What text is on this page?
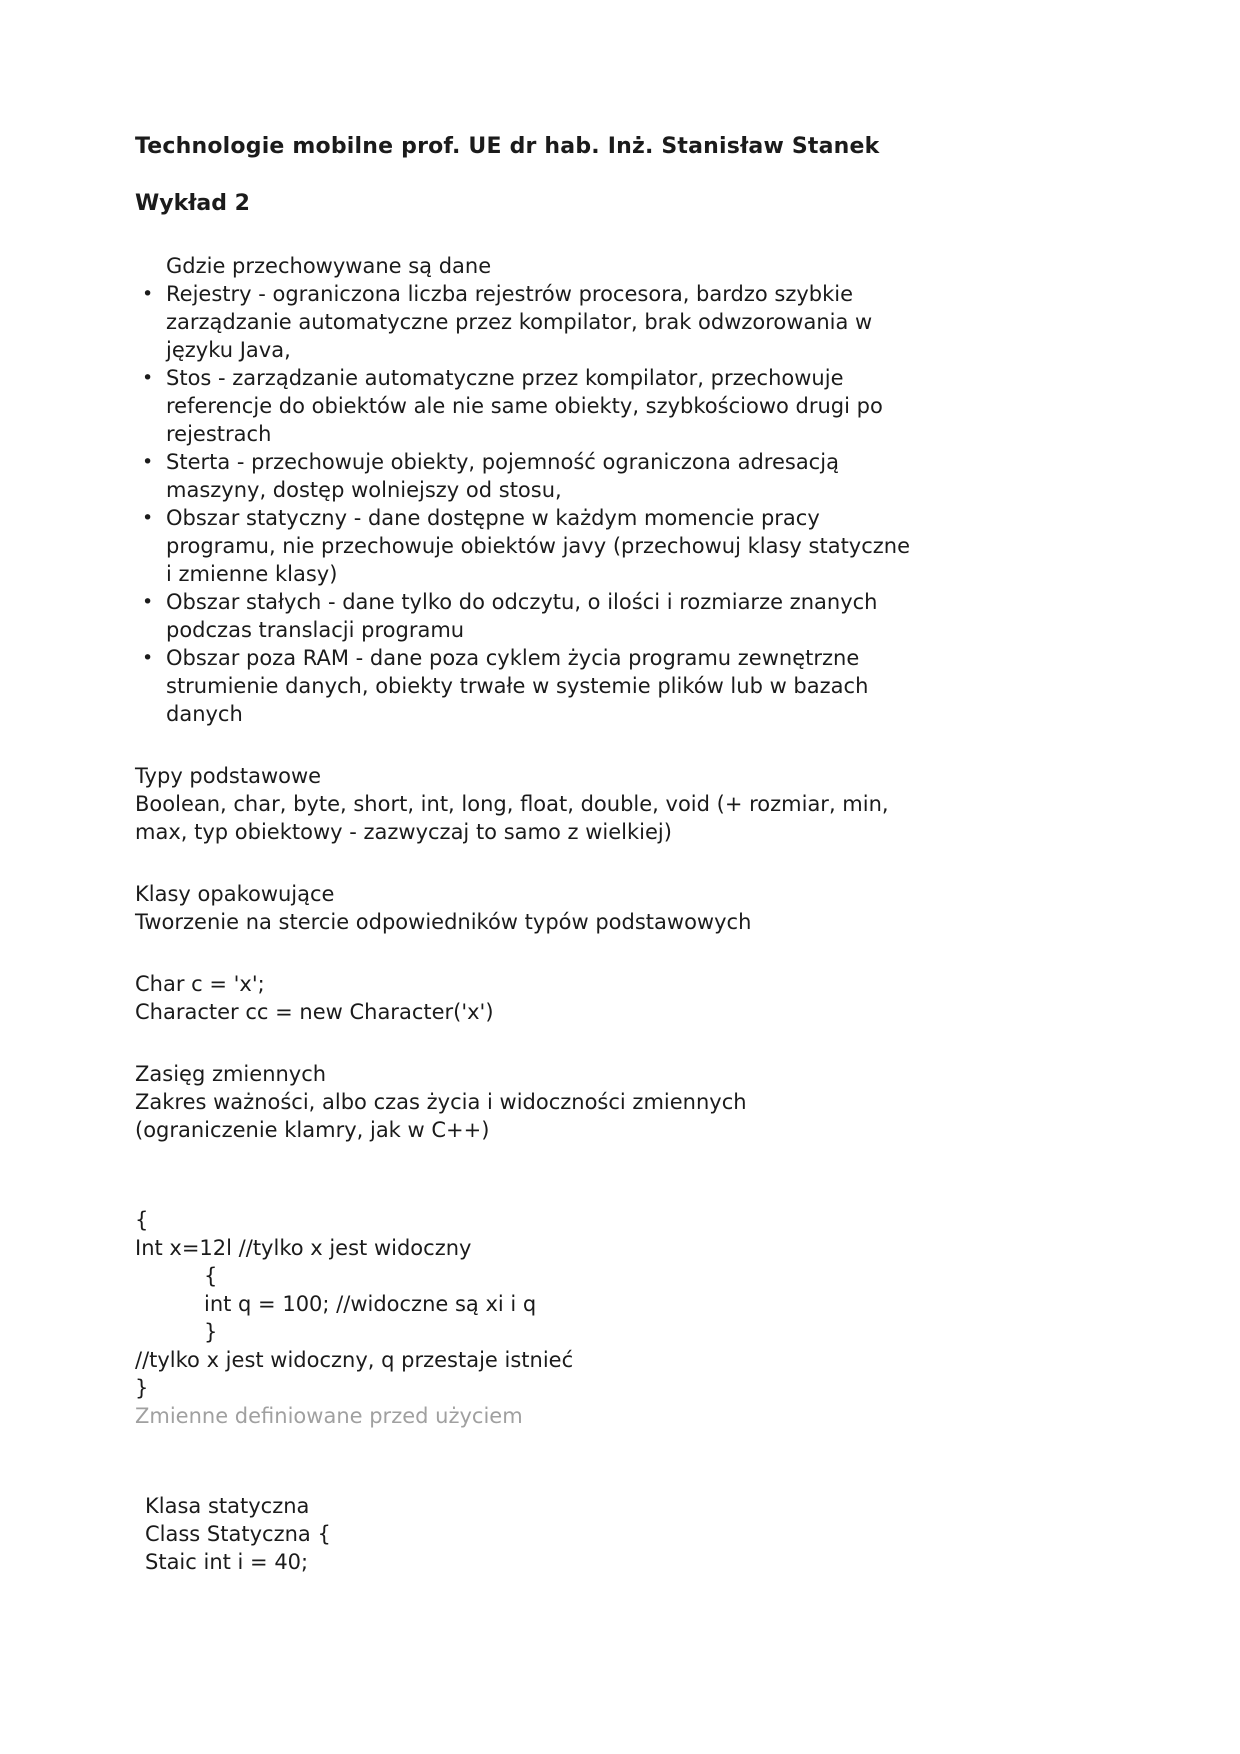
Technologie mobilne prof. UE dr hab. Inż. Stanisław Stanek
Wykład 2
Gdzie przechowywane są dane
• Rejestry - ograniczona liczba rejestrów procesora, bardzo szybkie
zarządzanie automatyczne przez kompilator, brak odwzorowania w
języku Java,
• Stos - zarządzanie automatyczne przez kompilator, przechowuje
referencje do obiektów ale nie same obiekty, szybkościowo drugi po
rejestrach
• Sterta - przechowuje obiekty, pojemność ograniczona adresacją
maszyny, dostęp wolniejszy od stosu,
• Obszar statyczny - dane dostępne w każdym momencie pracy
programu, nie przechowuje obiektów javy (przechowuj klasy statyczne
i zmienne klasy)
• Obszar stałych - dane tylko do odczytu, o ilości i rozmiarze znanych
podczas translacji programu
• Obszar poza RAM - dane poza cyklem życia programu zewnętrzne
strumienie danych, obiekty trwałe w systemie plików lub w bazach
danych
Typy podstawowe
Boolean, char, byte, short, int, long, float, double, void (+ rozmiar, min,
max, typ obiektowy - zazwyczaj to samo z wielkiej)
Klasy opakowujące
Tworzenie na stercie odpowiedników typów podstawowych
Char c = 'x';
Character cc = new Character('x')
Zasięg zmiennych
Zakres ważności, albo czas życia i widoczności zmiennych
(ograniczenie klamry, jak w C++)
{
Int x=12l //tylko x jest widoczny
{
int q = 100; //widoczne są xi i q
}
//tylko x jest widoczny, q przestaje istnieć
}
Zmienne definiowane przed użyciem
Klasa statyczna
Class Statyczna {
Staic int i = 40;
